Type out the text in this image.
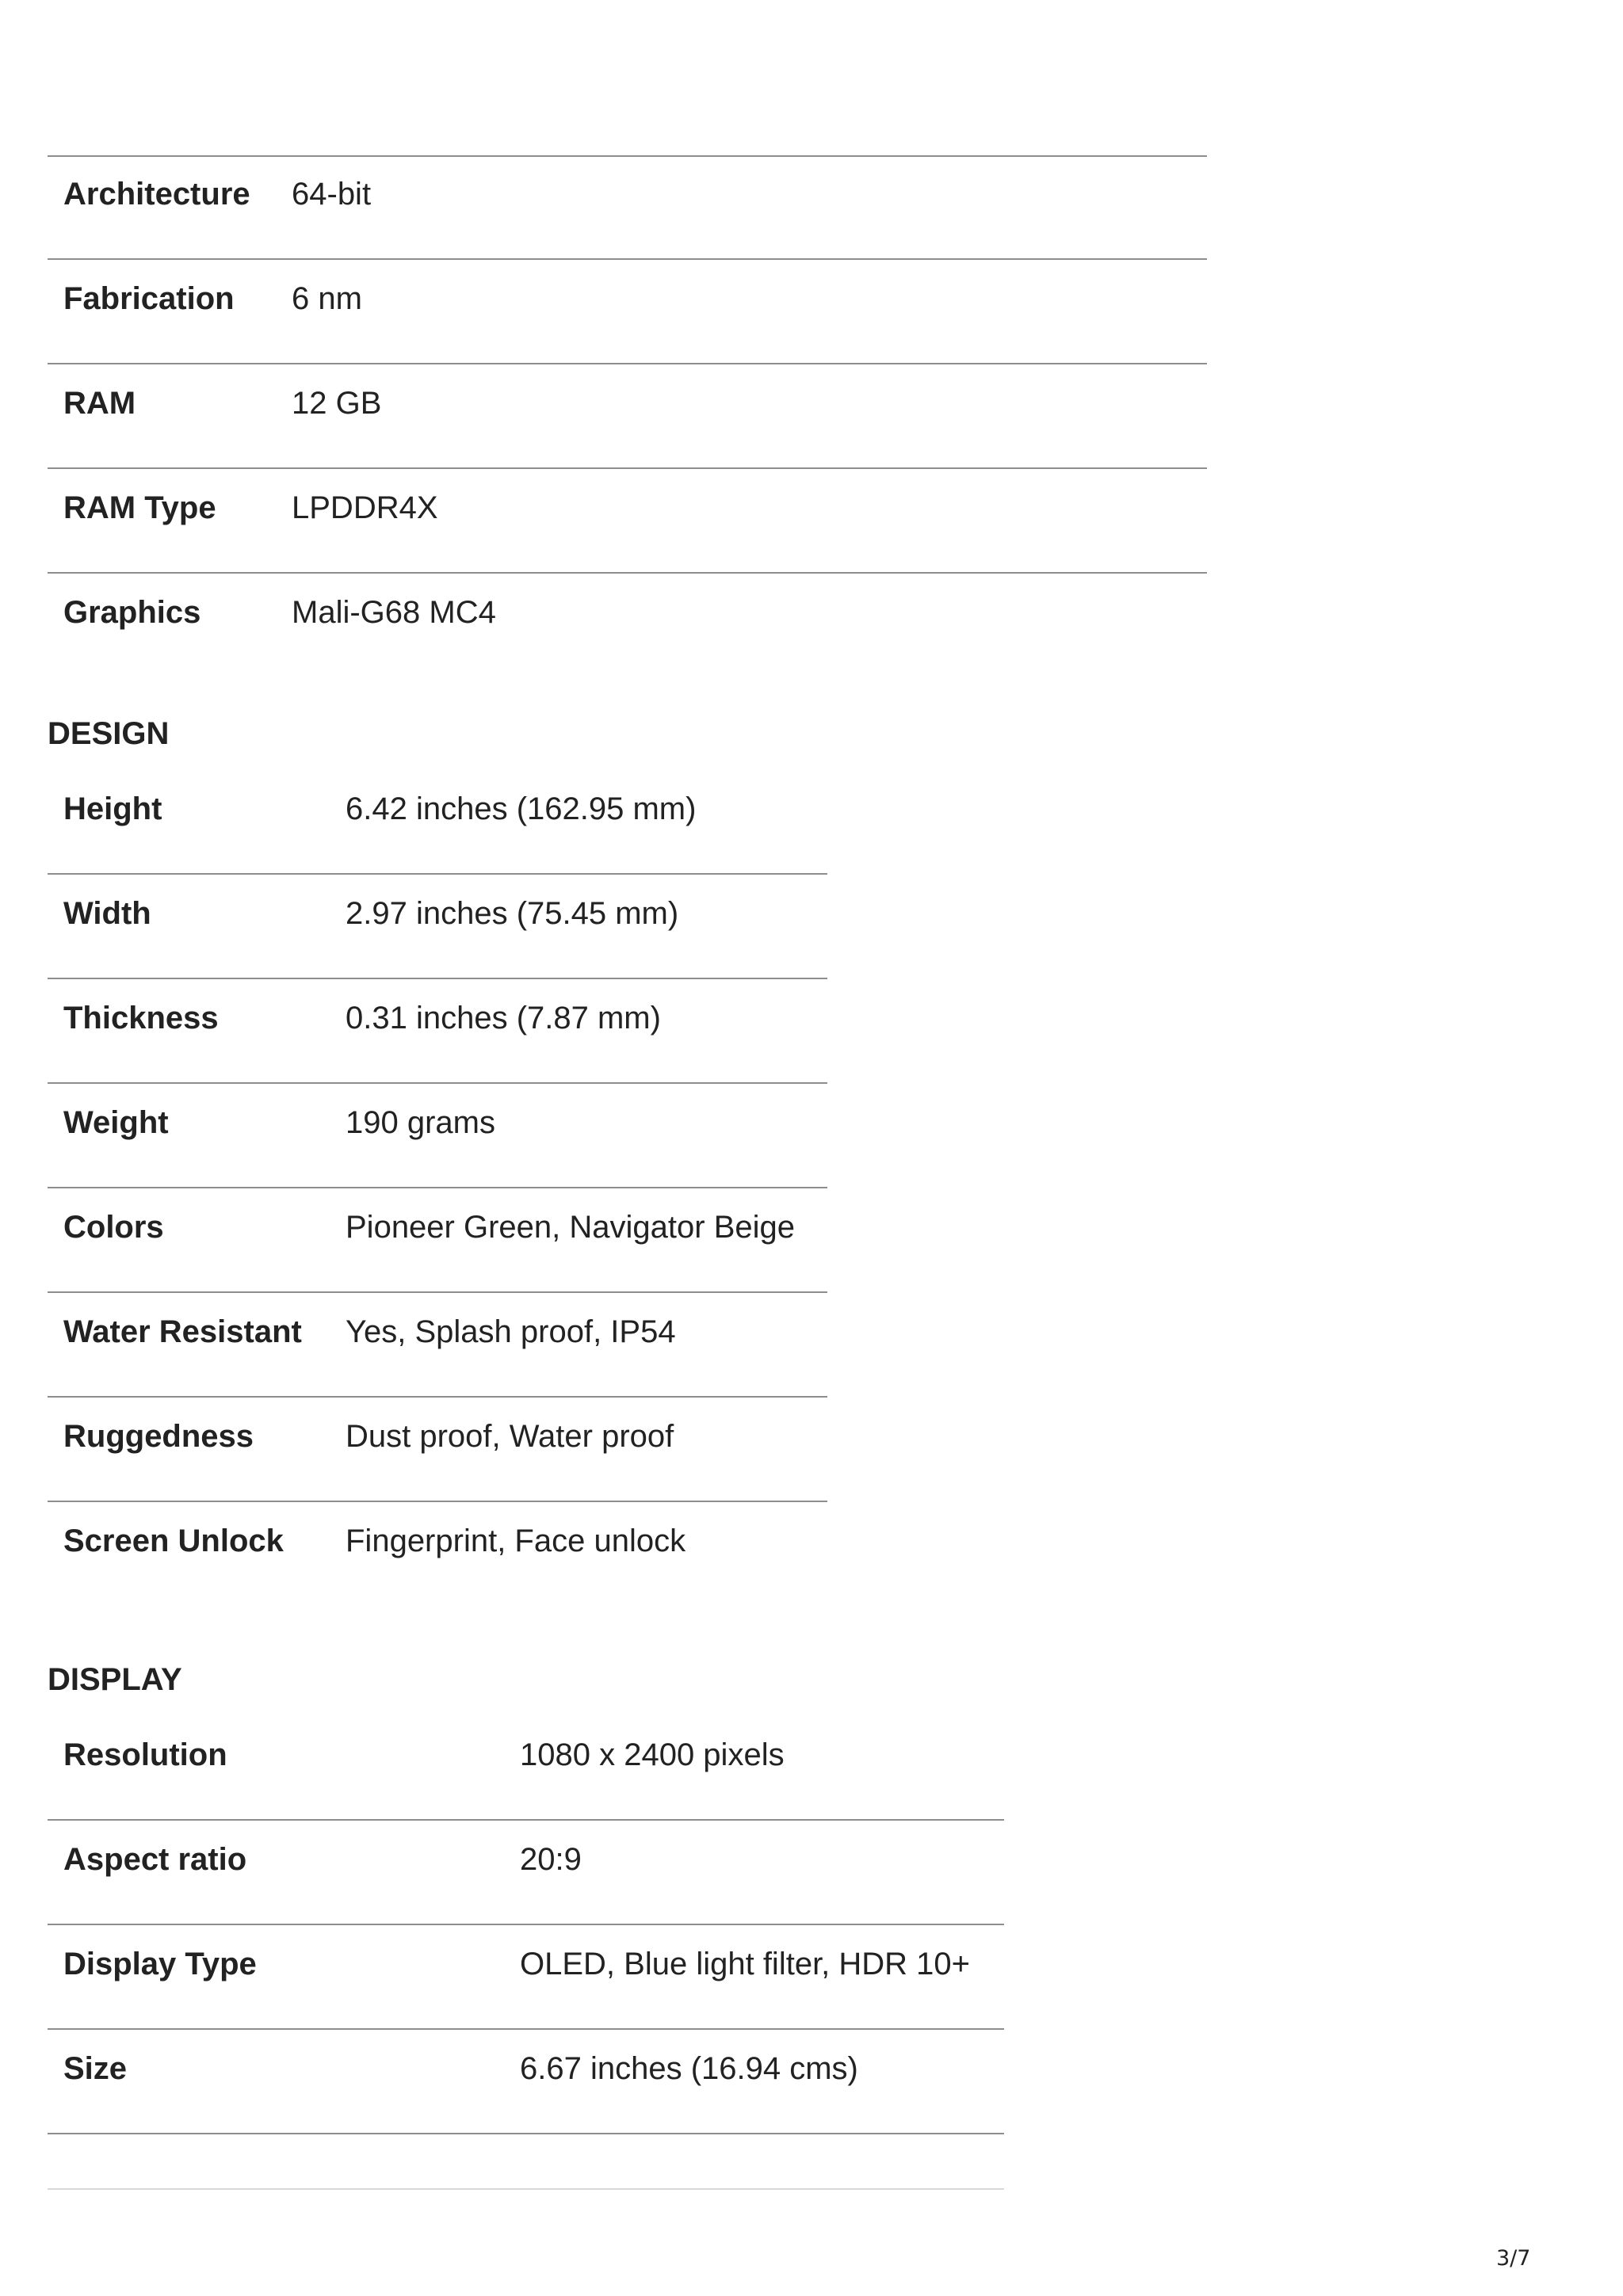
Architecture 64-bit
Fabrication 6 nm
RAM	12 GB
RAM Type LPDDR4X
Graphics	Mali-G68 MC4
DESIGN
Height	6.42 inches (162.95 mm)
Width	2.97 inches (75.45 mm)
Thickness	0.31 inches (7.87 mm)
Weight	190 grams
Colors	Pioneer Green, Navigator Beige
Water Resistant Yes, Splash proof, IP54
Ruggedness	Dust proof, Water proof
Screen Unlock Fingerprint, Face unlock
DISPLAY
Resolution	1080 x 2400 pixels
Aspect ratio	20:9
Display Type	OLED, Blue light filter, HDR 10+
Size	6.67 inches (16.94 cms)
3/7
